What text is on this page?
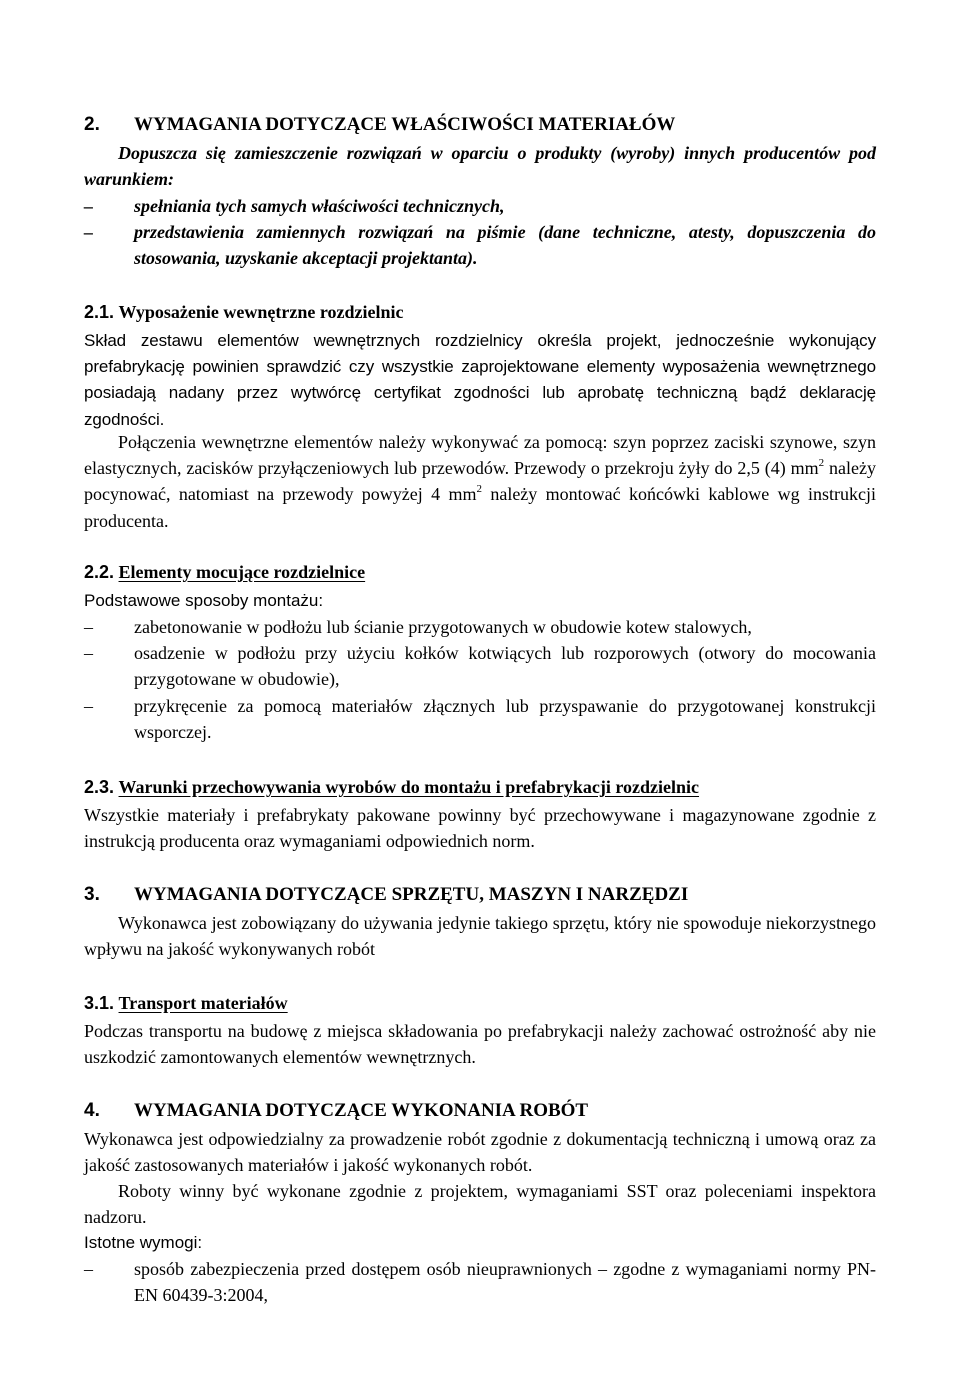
2. WYMAGANIA DOTYCZĄCE WŁAŚCIWOŚCI MATERIAŁÓW
Dopuszcza się zamieszczenie rozwiązań w oparciu o produkty (wyroby) innych producentów pod warunkiem:
–	spełniania tych samych właściwości technicznych,
–	przedstawienia zamiennych rozwiązań na piśmie (dane techniczne, atesty, dopuszczenia do stosowania, uzyskanie akceptacji projektanta).
2.1. Wyposażenie wewnętrzne rozdzielnic
Skład zestawu elementów wewnętrznych rozdzielnicy określa projekt, jednocześnie wykonujący prefabrykację powinien sprawdzić czy wszystkie zaprojektowane elementy wyposażenia wewnętrznego posiadają nadany przez wytwórcę certyfikat zgodności lub aprobatę techniczną bądź deklarację zgodności.
Połączenia wewnętrzne elementów należy wykonywać za pomocą: szyn poprzez zaciski szynowe, szyn elastycznych, zacisków przyłączeniowych lub przewodów. Przewody o przekroju żyły do 2,5 (4) $mm^2$ należy pocynować, natomiast na przewody powyżej 4 $mm^2$ należy montować końcówki kablowe wg instrukcji producenta.
2.2. Elementy mocujące rozdzielnice
Podstawowe sposoby montażu:
–	zabetonowanie w podłożu lub ścianie przygotowanych w obudowie kotew stalowych,
–	osadzenie w podłożu przy użyciu kołków kotwiących lub rozporowych (otwory do mocowania przygotowane w obudowie),
–	przykręcenie za pomocą materiałów złącznych lub przyspawanie do przygotowanej konstrukcji wsporczej.
2.3. Warunki przechowywania wyrobów do montażu i prefabrykacji rozdzielnic
Wszystkie materiały i prefabrykaty pakowane powinny być przechowywane i magazynowane zgodnie z instrukcją producenta oraz wymaganiami odpowiednich norm.
3. WYMAGANIA DOTYCZĄCE SPRZĘTU, MASZYN I NARZĘDZI
Wykonawca jest zobowiązany do używania jedynie takiego sprzętu, który nie spowoduje niekorzystnego wpływu na jakość wykonywanych robót
3.1. Transport materiałów
Podczas transportu na budowę z miejsca składowania po prefabrykacji należy zachować ostrożność aby nie uszkodzić zamontowanych elementów wewnętrznych.
4. WYMAGANIA DOTYCZĄCE WYKONANIA ROBÓT
Wykonawca jest odpowiedzialny za prowadzenie robót zgodnie z dokumentacją techniczną i umową oraz za jakość zastosowanych materiałów i jakość wykonanych robót.
Roboty winny być wykonane zgodnie z projektem, wymaganiami SST oraz poleceniami inspektora nadzoru.
Istotne wymogi:
–	sposób zabezpieczenia przed dostępem osób nieuprawnionych – zgodne z wymaganiami normy PN-EN 60439-3:2004,
